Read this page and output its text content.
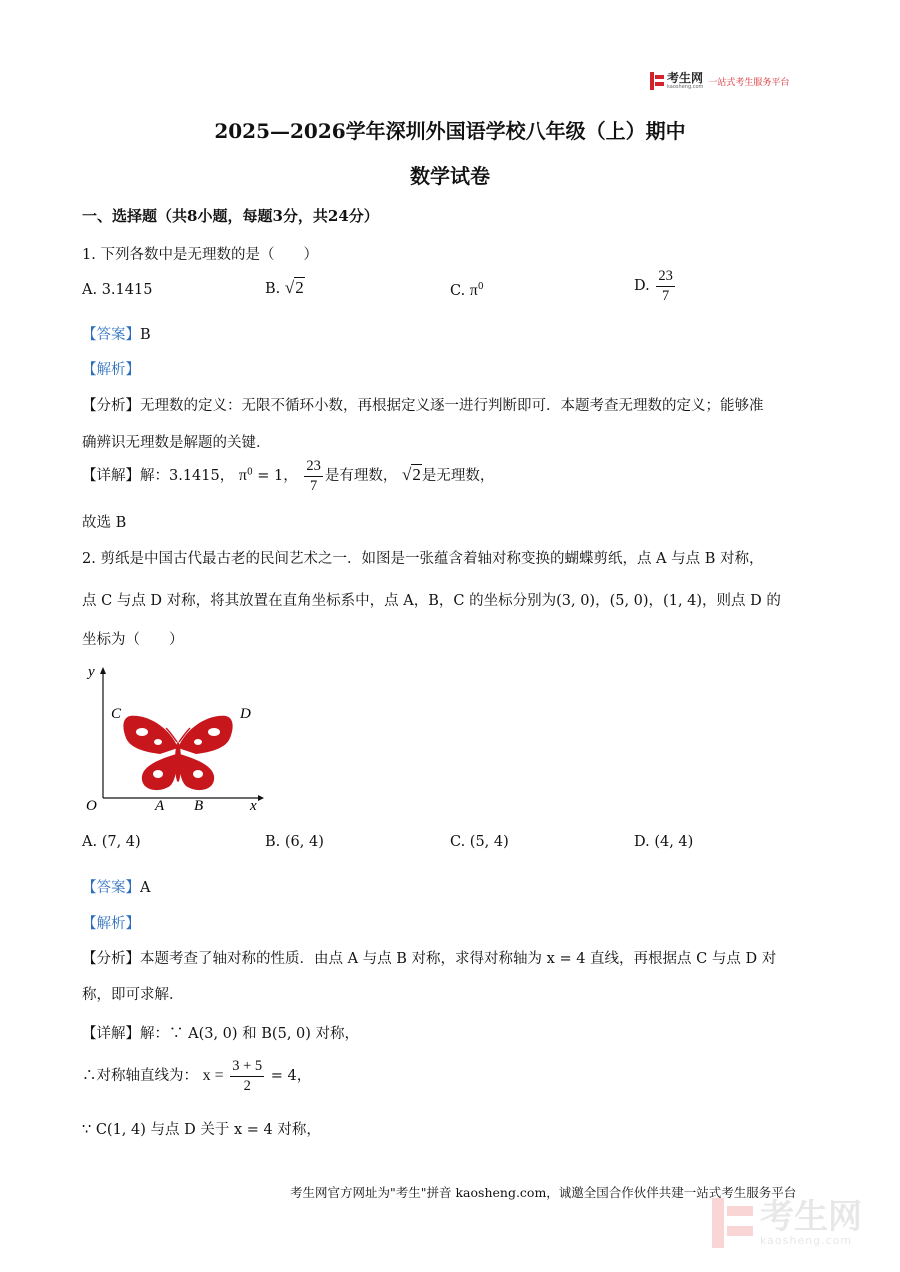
考生网
kaosheng.com 一站式考生服务平台
2025—2026学年深圳外国语学校八年级（上）期中
数学试卷
一、选择题（共8小题，每题3分，共24分）
1. 下列各数中是无理数的是（　　）
A. 3.1415	B. √2	C. $\pi^0$	D. $\frac{23}{7}$
【答案】B
【解析】
【分析】无理数的定义：无限不循环小数，再根据定义逐一进行判断即可．本题考查无理数的定义；能够准
确辨识无理数是解题的关键．
【详解】解：3.1415， $\pi^0 = 1$， $\frac{23}{7}$ 是有理数， √2是无理数，
故选 B
2. 剪纸是中国古代最古老的民间艺术之一．如图是一张蕴含着轴对称变换的蝴蝶剪纸，点 A 与点 B 对称，
点 C 与点 D 对称，将其放置在直角坐标系中，点 A，B，C 的坐标分别为(3, 0)，(5, 0)，(1, 4)，则点 D 的
坐标为（　　）
y
x
O	A B
C	D
A. (7, 4)	B. (6, 4)	C. (5, 4)	D. (4, 4)
【答案】A
【解析】
【分析】本题考查了轴对称的性质．由点 A 与点 B 对称，求得对称轴为 x = 4 直线，再根据点 C 与点 D 对
称，即可求解．
【详解】解：∵ A(3, 0) 和 B(5, 0) 对称，
∴对称轴直线为： $x = \frac{3 + 5}{2} = 4$，
∵ C(1, 4) 与点 D 关于 x = 4 对称，
考生网官方网址为"考生"拼音 kaosheng.com，诚邀全国合作伙伴共建一站式考生服务平台
考生网
kaosheng.com
